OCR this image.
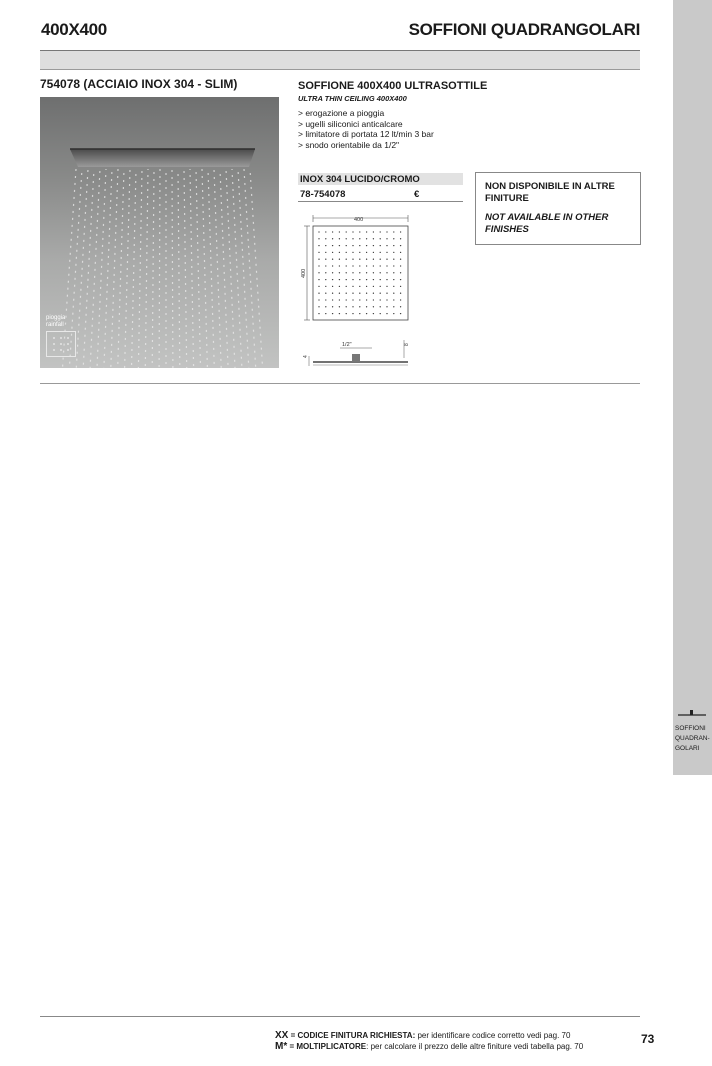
SOFFIONI
QUADRAN-
GOLARI
400X400	SOFFIONI QUADRANGOLARI
754078 (ACCIAIO INOX 304 - SLIM)
pioggia
rainfall
SOFFIONE 400X400 ULTRASOTTILE
ULTRA THIN CEILING 400X400
> erogazione a pioggia
> ugelli siliconici anticalcare
> limitatore di portata 12 lt/min 3 bar
> snodo orientabile da 1/2"
INOX 304 LUCIDO/CROMO
78-754078	€
NON DISPONIBILE IN ALTRE FINITURE
NOT AVAILABLE IN OTHER FINISHES
400
400
1/2"	8
4
XX = CODICE FINITURA RICHIESTA: per identificare codice corretto vedi pag. 70
M* = MOLTIPLICATORE: per calcolare il prezzo delle altre finiture vedi tabella pag. 70
73
